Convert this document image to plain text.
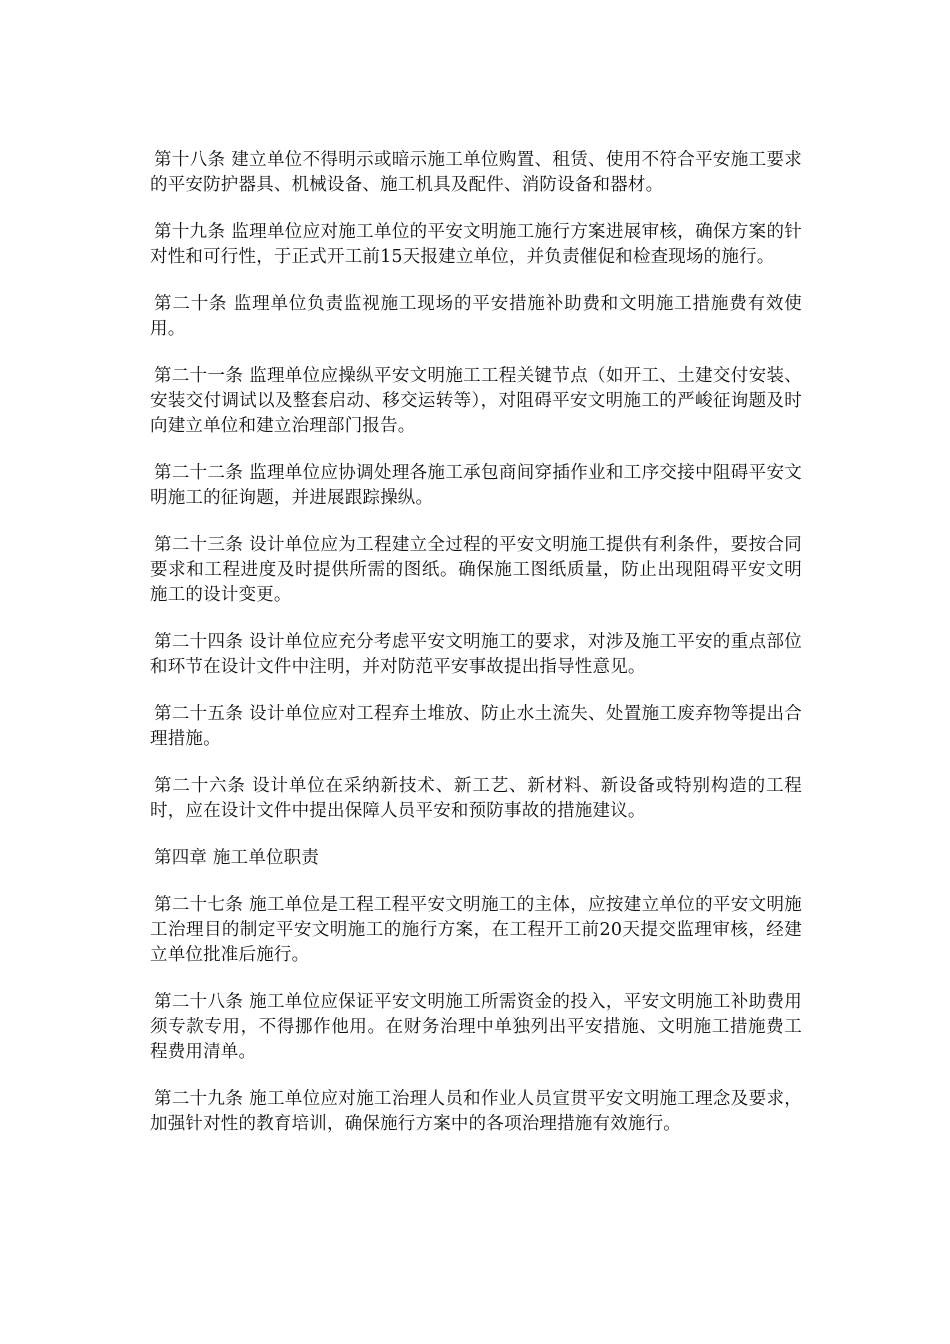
第十八条 建立单位不得明示或暗示施工单位购置、租赁、使用不符合平安施工要求的平安防护器具、机械设备、施工机具及配件、消防设备和器材。

第十九条 监理单位应对施工单位的平安文明施工施行方案进展审核，确保方案的针对性和可行性，于正式开工前15天报建立单位，并负责催促和检查现场的施行。

第二十条 监理单位负责监视施工现场的平安措施补助费和文明施工措施费有效使用。

第二十一条 监理单位应操纵平安文明施工工程关键节点（如开工、土建交付安装、安装交付调试以及整套启动、移交运转等），对阻碍平安文明施工的严峻征询题及时向建立单位和建立治理部门报告。

第二十二条 监理单位应协调处理各施工承包商间穿插作业和工序交接中阻碍平安文明施工的征询题，并进展跟踪操纵。

第二十三条 设计单位应为工程建立全过程的平安文明施工提供有利条件，要按合同要求和工程进度及时提供所需的图纸。确保施工图纸质量，防止出现阻碍平安文明施工的设计变更。

第二十四条 设计单位应充分考虑平安文明施工的要求，对涉及施工平安的重点部位和环节在设计文件中注明，并对防范平安事故提出指导性意见。

第二十五条 设计单位应对工程弃土堆放、防止水土流失、处置施工废弃物等提出合理措施。

第二十六条 设计单位在采纳新技术、新工艺、新材料、新设备或特别构造的工程时，应在设计文件中提出保障人员平安和预防事故的措施建议。

第四章 施工单位职责

第二十七条 施工单位是工程工程平安文明施工的主体，应按建立单位的平安文明施工治理目的制定平安文明施工的施行方案，在工程开工前20天提交监理审核，经建立单位批准后施行。

第二十八条 施工单位应保证平安文明施工所需资金的投入，平安文明施工补助费用须专款专用，不得挪作他用。在财务治理中单独列出平安措施、文明施工措施费工程费用清单。

第二十九条 施工单位应对施工治理人员和作业人员宣贯平安文明施工理念及要求，加强针对性的教育培训，确保施行方案中的各项治理措施有效施行。
